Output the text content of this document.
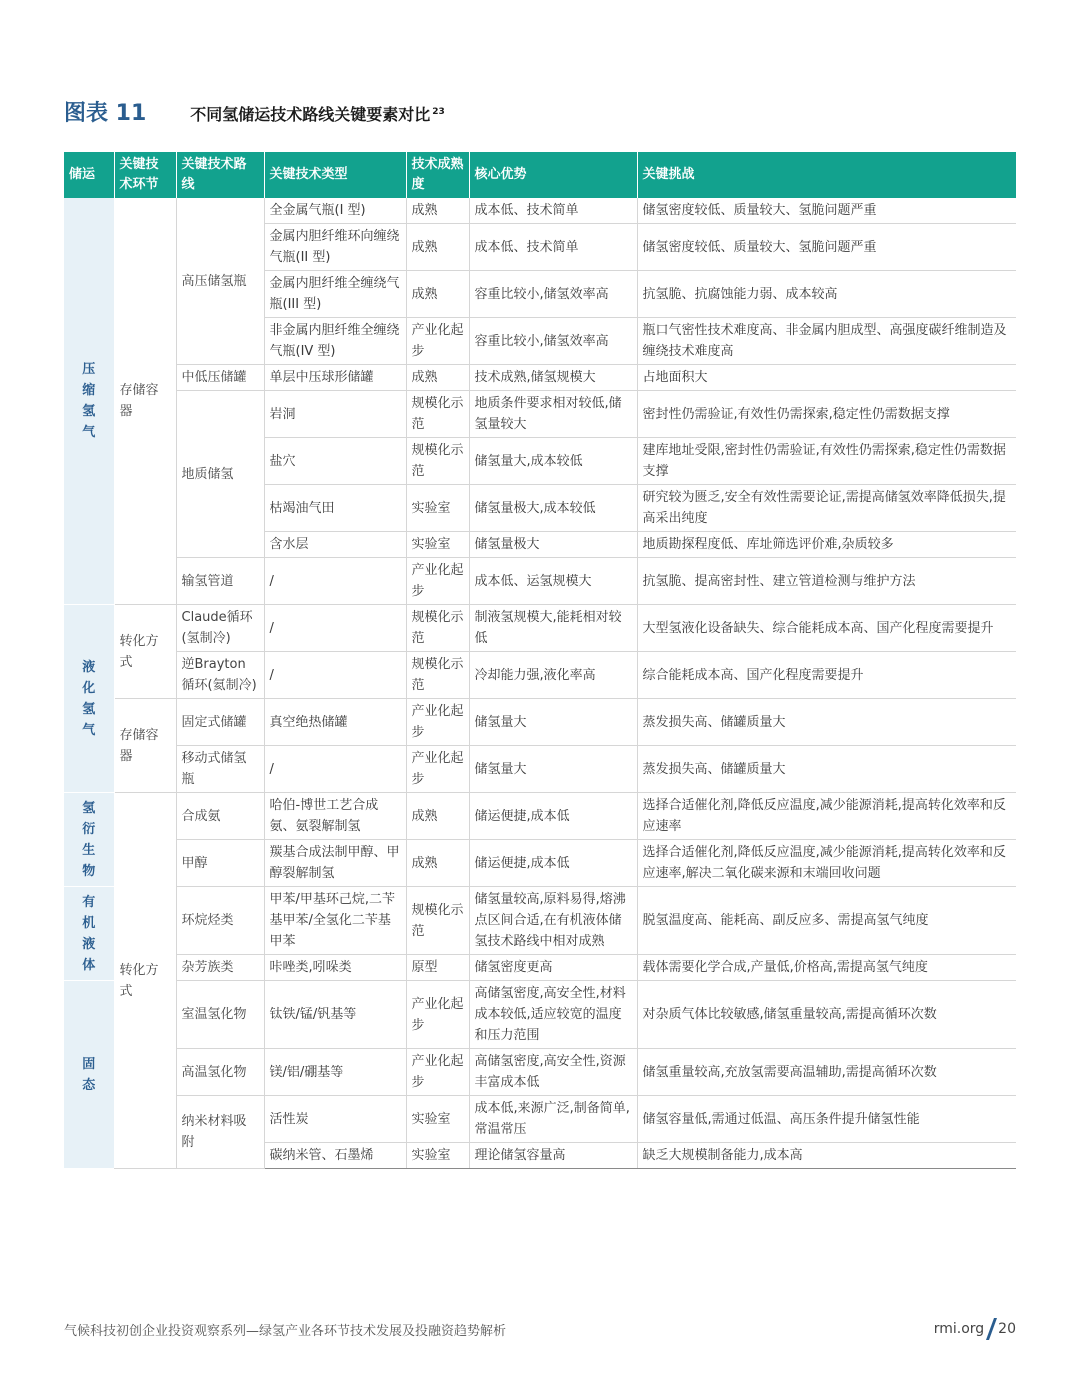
图表 11	不同氢储运技术路线关键要素对比 $^{23}$
储运	关键技术环节	关键技术路线	关键技术类型	技术成熟度	核心优势	关键挑战
压缩氢气	存储容器	高压储氢瓶	全金属气瓶(I 型)	成熟	成本低、技术简单	储氢密度较低、质量较大、氢脆问题严重
			金属内胆纤维环向缠绕气瓶(II 型)	成熟	成本低、技术简单	储氢密度较低、质量较大、氢脆问题严重
			金属内胆纤维全缠绕气瓶(III 型)	成熟	容重比较小,储氢效率高	抗氢脆、抗腐蚀能力弱、成本较高
			非金属内胆纤维全缠绕气瓶(IV 型)	产业化起步	容重比较小,储氢效率高	瓶口气密性技术难度高、非金属内胆成型、高强度碳纤维制造及缠绕技术难度高
		中低压储罐	单层中压球形储罐	成熟	技术成熟,储氢规模大	占地面积大
		地质储氢	岩洞	规模化示范	地质条件要求相对较低,储氢量较大	密封性仍需验证,有效性仍需探索,稳定性仍需数据支撑
			盐穴	规模化示范	储氢量大,成本较低	建库地址受限,密封性仍需验证,有效性仍需探索,稳定性仍需数据支撑
			枯竭油气田	实验室	储氢量极大,成本较低	研究较为匮乏,安全有效性需要论证,需提高储氢效率降低损失,提高采出纯度
			含水层	实验室	储氢量极大	地质勘探程度低、库址筛选评价难,杂质较多
		输氢管道	/	产业化起步	成本低、运氢规模大	抗氢脆、提高密封性、建立管道检测与维护方法
液化氢气	转化方式	Claude循环(氢制冷)	/	规模化示范	制液氢规模大,能耗相对较低	大型氢液化设备缺失、综合能耗成本高、国产化程度需要提升
		逆Brayton循环(氦制冷)	/	规模化示范	冷却能力强,液化率高	综合能耗成本高、国产化程度需要提升
	存储容器	固定式储罐	真空绝热储罐	产业化起步	储氢量大	蒸发损失高、储罐质量大
		移动式储氢瓶	/	产业化起步	储氢量大	蒸发损失高、储罐质量大
氢衍生物	转化方式	合成氨	哈伯-博世工艺合成氨、氨裂解制氢	成熟	储运便捷,成本低	选择合适催化剂,降低反应温度,减少能源消耗,提高转化效率和反应速率
		甲醇	羰基合成法制甲醇、甲醇裂解制氢	成熟	储运便捷,成本低	选择合适催化剂,降低反应温度,减少能源消耗,提高转化效率和反应速率,解决二氧化碳来源和末端回收问题
有机液体		环烷烃类	甲苯/甲基环己烷,二苄基甲苯/全氢化二苄基甲苯	规模化示范	储氢量较高,原料易得,熔沸点区间合适,在有机液体储氢技术路线中相对成熟	脱氢温度高、能耗高、副反应多、需提高氢气纯度
		杂芳族类	咔唑类,吲哚类	原型	储氢密度更高	载体需要化学合成,产量低,价格高,需提高氢气纯度
固态		室温氢化物	钛铁/锰/钒基等	产业化起步	高储氢密度,高安全性,材料成本较低,适应较宽的温度和压力范围	对杂质气体比较敏感,储氢重量较高,需提高循环次数
		高温氢化物	镁/铝/硼基等	产业化起步	高储氢密度,高安全性,资源丰富成本低	储氢重量较高,充放氢需要高温辅助,需提高循环次数
		纳米材料吸附	活性炭	实验室	成本低,来源广泛,制备简单,常温常压	储氢容量低,需通过低温、高压条件提升储氢性能
			碳纳米管、石墨烯	实验室	理论储氢容量高	缺乏大规模制备能力,成本高
气候科技初创企业投资观察系列—绿氢产业各环节技术发展及投融资趋势解析	rmi.org 20
